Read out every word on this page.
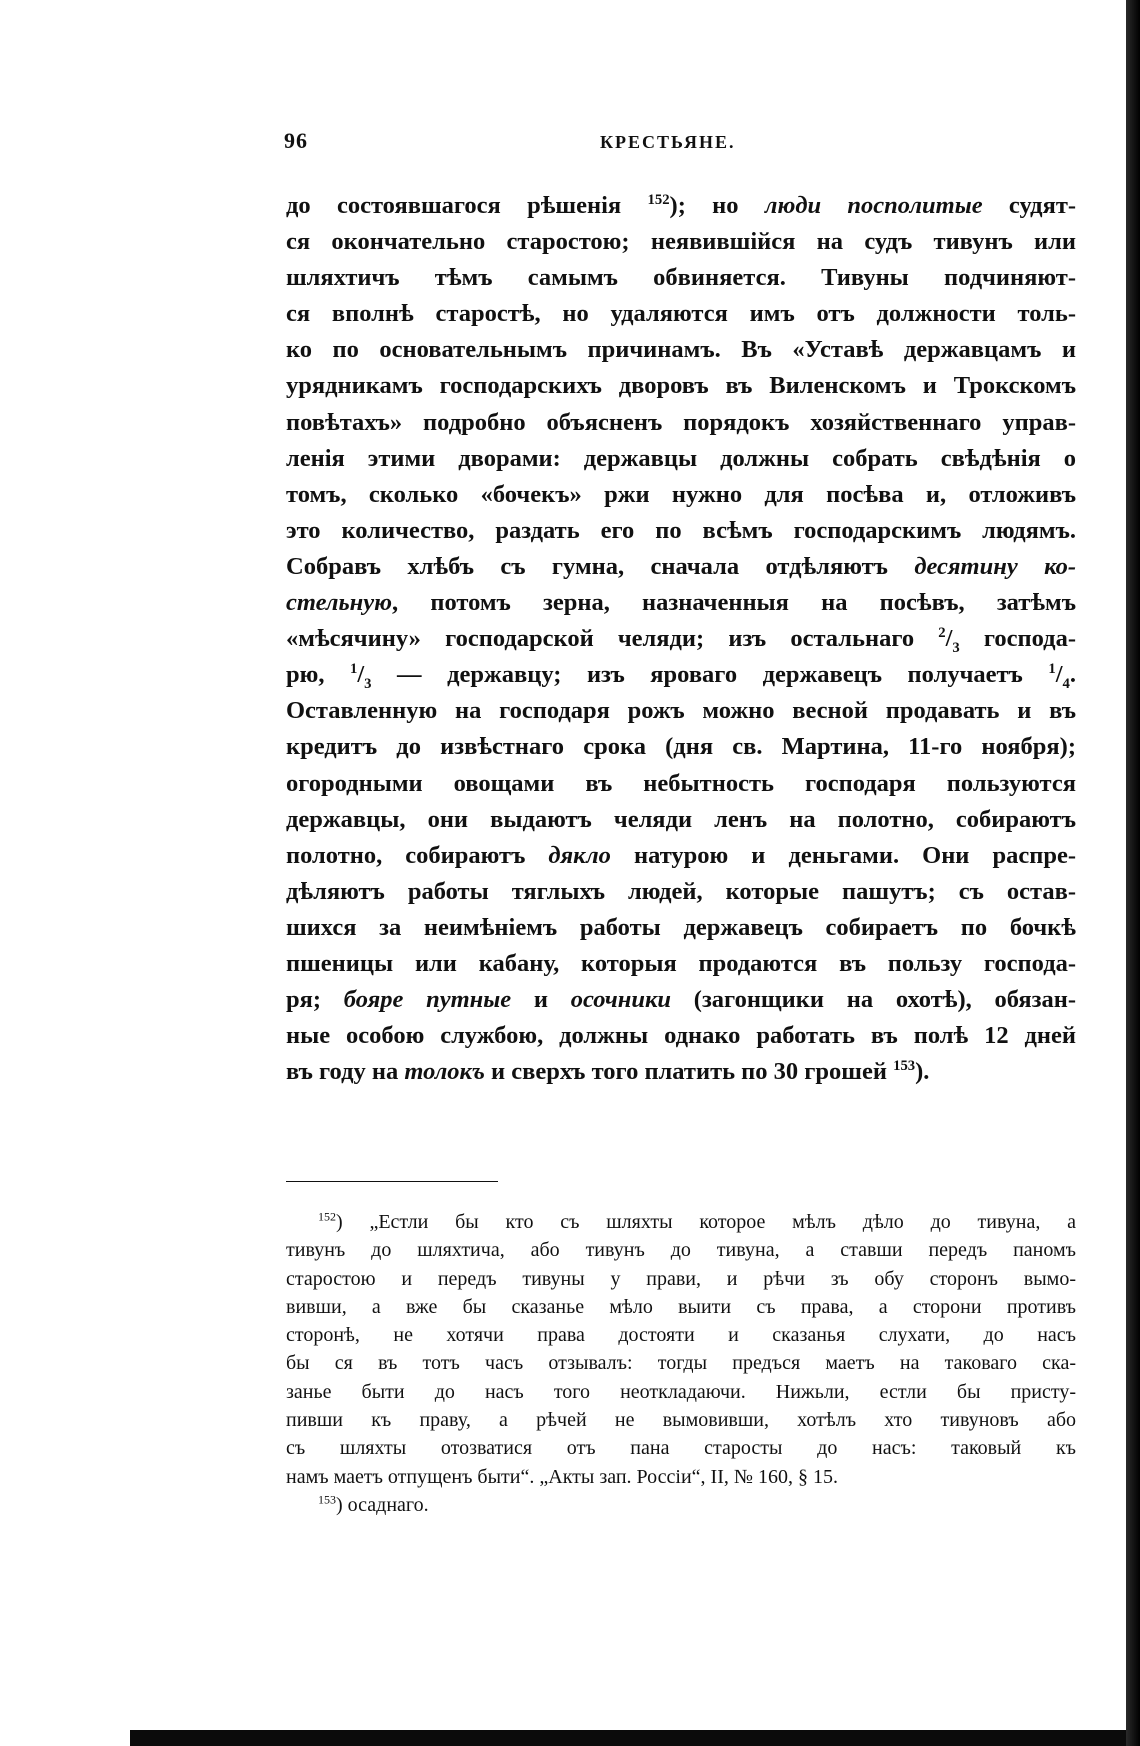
96	КРЕСТЬЯНЕ.
до состоявшагося рѣшенія $^{152}$); но люди посполитые судят-
ся окончательно старостою; неявившійся на судъ тивунъ или
шляхтичъ тѣмъ самымъ обвиняется. Тивуны подчиняют-
ся вполнѣ старостѣ, но удаляются имъ отъ должности толь-
ко по основательнымъ причинамъ. Въ «Уставѣ державцамъ и
урядникамъ господарскихъ дворовъ въ Виленскомъ и Трокскомъ
повѣтахъ» подробно объясненъ порядокъ хозяйственнаго управ-
ленія этими дворами: державцы должны собрать свѣдѣнія о
томъ, сколько «бочекъ» ржи нужно для посѣва и, отложивъ
это количество, раздать его по всѣмъ господарскимъ людямъ.
Собравъ хлѣбъ съ гумна, сначала отдѣляютъ десятину ко-
стельную, потомъ зерна, назначенныя на посѣвъ, затѣмъ
«мѣсячину» господарской челяди; изъ остальнаго $^2/_3$ господа-
рю, $^1/_3$ — державцу; изъ яроваго державецъ получаетъ $^1/_4$.
Оставленную на господаря рожъ можно весной продавать и въ
кредитъ до извѣстнаго срока (дня св. Мартина, 11-го ноября);
огородными овощами въ небытность господаря пользуются
державцы, они выдаютъ челяди ленъ на полотно, собираютъ
полотно, собираютъ дякло натурою и деньгами. Они распре-
дѣляютъ работы тяглыхъ людей, которые пашутъ; съ остав-
шихся за неимѣніемъ работы державецъ собираетъ по бочкѣ
пшеницы или кабану, которыя продаются въ пользу господа-
ря; бояре путные и осочники (загонщики на охотѣ), обязан-
ные особою службою, должны однако работать въ полѣ 12 дней
въ году на толокъ и сверхъ того платить по 30 грошей $^{153}$).
$^{152}$) „Естли бы кто съ шляхты которое мѣлъ дѣло до тивуна, а
тивунъ до шляхтича, або тивунъ до тивуна, а ставши передъ паномъ
старостою и передъ тивуны у прави, и рѣчи зъ обу сторонъ вымо-
вивши, а вже бы сказанье мѣло выити съ права, а сторони противъ
сторонѣ, не хотячи права достояти и сказанья слухати, до насъ
бы ся въ тотъ часъ отзывалъ: тогды предъся маетъ на таковаго ска-
занье быти до насъ того неоткладаючи. Нижьли, естли бы присту-
пивши къ праву, а рѣчей не вымовивши, хотѣлъ хто тивуновъ або
съ шляхты отозватися отъ пана старосты до насъ: таковый къ
намъ маетъ отпущенъ быти“. „Акты зап. Россіи“, II, № 160, § 15.
$^{153}$) осаднаго.
